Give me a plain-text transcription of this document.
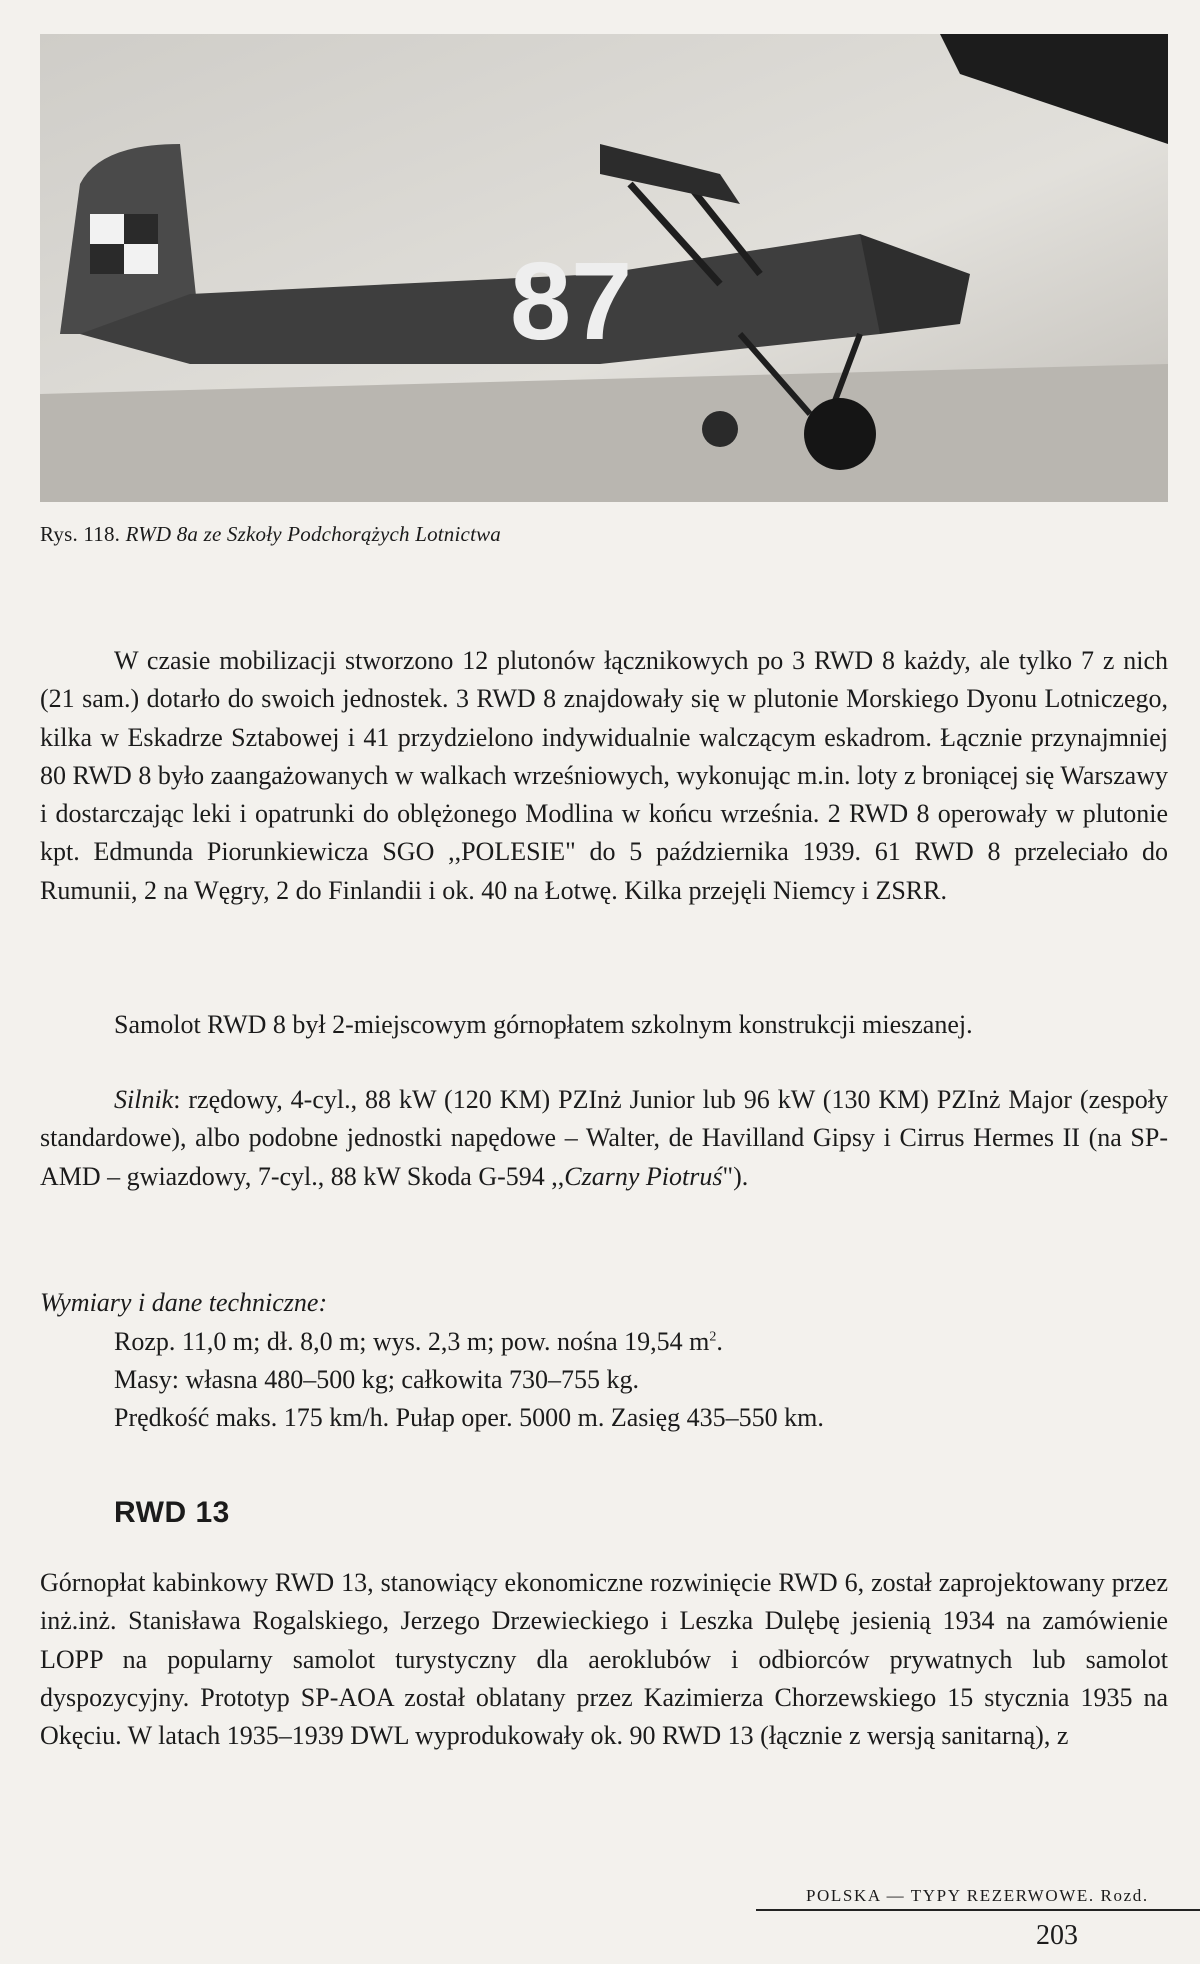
87
Rys. 118. RWD 8a ze Szkoły Podchorążych Lotnictwa
W czasie mobilizacji stworzono 12 plutonów łącznikowych po 3 RWD 8 każdy, ale tylko 7 z nich (21 sam.) dotarło do swoich jednostek. 3 RWD 8 znajdowały się w plutonie Morskiego Dyonu Lotniczego, kilka w Eskadrze Sztabowej i 41 przydzielono indywidualnie walczącym eskadrom. Łącznie przynajmniej 80 RWD 8 było zaangażowanych w walkach wrześniowych, wykonując m.in. loty z broniącej się Warszawy i dostarczając leki i opatrunki do oblężonego Modlina w końcu września. 2 RWD 8 operowały w plutonie kpt. Edmunda Piorunkiewicza SGO ,,POLESIE" do 5 października 1939. 61 RWD 8 przeleciało do Rumunii, 2 na Węgry, 2 do Finlandii i ok. 40 na Łotwę. Kilka przejęli Niemcy i ZSRR.
Samolot RWD 8 był 2-miejscowym górnopłatem szkolnym konstrukcji mieszanej.
Silnik: rzędowy, 4-cyl., 88 kW (120 KM) PZInż Junior lub 96 kW (130 KM) PZInż Major (zespoły standardowe), albo podobne jednostki napędowe – Walter, de Havilland Gipsy i Cirrus Hermes II (na SP-AMD – gwiazdowy, 7-cyl., 88 kW Skoda G-594 ,,Czarny Piotruś").
Wymiary i dane techniczne:
Rozp. 11,0 m; dł. 8,0 m; wys. 2,3 m; pow. nośna 19,54 $m^2$.
Masy: własna 480–500 kg; całkowita 730–755 kg.
Prędkość maks. 175 km/h. Pułap oper. 5000 m. Zasięg 435–550 km.
RWD 13
Górnopłat kabinkowy RWD 13, stanowiący ekonomiczne rozwinięcie RWD 6, został zaprojektowany przez inż.inż. Stanisława Rogalskiego, Jerzego Drzewieckiego i Leszka Dulębę jesienią 1934 na zamówienie LOPP na popularny samolot turystyczny dla aeroklubów i odbiorców prywatnych lub samolot dyspozycyjny. Prototyp SP-AOA został oblatany przez Kazimierza Chorzewskiego 15 stycznia 1935 na Okęciu. W latach 1935–1939 DWL wyprodukowały ok. 90 RWD 13 (łącznie z wersją sanitarną), z
POLSKA — TYPY REZERWOWE. Rozd.
203
